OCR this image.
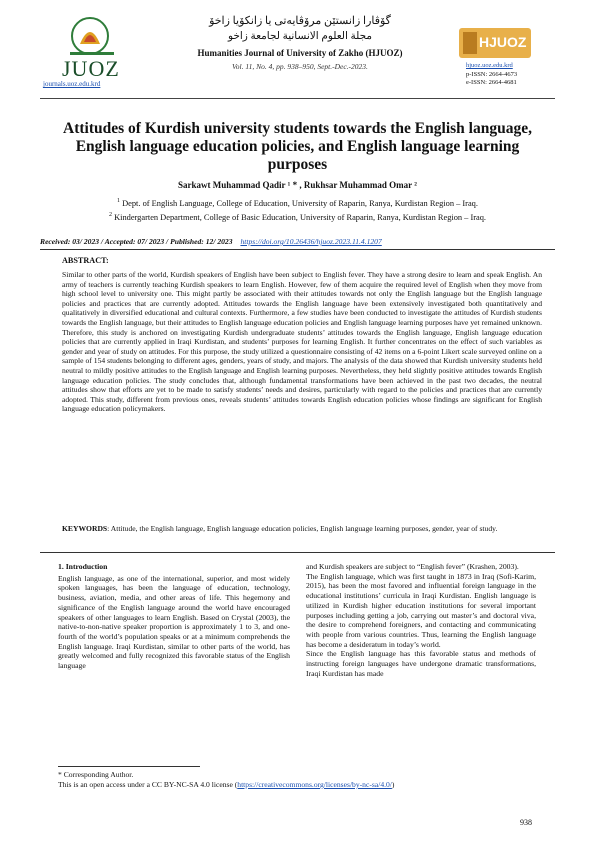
JUOZ
journals.uoz.edu.krd
گۆڤارا زانستێن مرۆڤایەتی یا زانكۆیا زاخۆ
مجلة العلوم الانسانية لجامعة زاخو
Humanities Journal of University of Zakho (HJUOZ)
Vol. 11, No. 4, pp. 938–950, Sept.-Dec.-2023.
HJUOZ
hjuoz.uoz.edu.krd
p-ISSN: 2664-4673
e-ISSN: 2664-4681
Attitudes of Kurdish university students towards the English language, English language education policies, and English language learning purposes
Sarkawt Muhammad Qadir ¹ * , Rukhsar Muhammad Omar ²
$^1$ Dept. of English Language, College of Education, University of Raparin, Ranya, Kurdistan Region – Iraq.
$^2$ Kindergarten Department, College of Basic Education, University of Raparin, Ranya, Kurdistan Region – Iraq.
Received: 03/ 2023 / Accepted: 07/ 2023 / Published: 12/ 2023 https://doi.org/10.26436/hjuoz.2023.11.4.1207
ABSTRACT:
Similar to other parts of the world, Kurdish speakers of English have been subject to English fever. They have a strong desire to learn and speak English. An army of teachers is currently teaching Kurdish speakers to learn English. However, few of them acquire the required level of English when they move from high school level to university one. This might partly be associated with their attitudes towards not only the English language but the English language policies and practices that are currently adopted. Attitudes towards the English language have been extensively investigated both quantitatively and qualitatively in diversified educational and cultural contexts. Furthermore, a few studies have been conducted to investigate the attitudes of Kurdish students towards the English language, but their attitudes to English language education policies and English language learning purposes have yet remained unknown. Therefore, this study is anchored on investigating Kurdish undergraduate students’ attitudes towards the English language, English language education policies that are currently applied in Iraqi Kurdistan, and students’ purposes for learning English. It further concentrates on the effect of such variables as gender and year of study on attitudes. For this purpose, the study utilized a questionnaire consisting of 42 items on a 6-point Likert scale surveyed online on a sample of 154 students belonging to different ages, genders, years of study, and majors. The analysis of the data showed that Kurdish university students held neutral to mildly positive attitudes to the English language and English learning purposes. Nevertheless, they held slightly positive attitudes towards English language education policies. The study concludes that, although fundamental transformations have been achieved in the past two decades, the neutral attitudes show that efforts are yet to be made to satisfy students’ needs and desires, particularly with regard to the policies and practices that are currently adopted. This study, different from previous ones, reveals students’ attitudes towards English education policies whose findings are significant for English language education policymakers.
KEYWORDS: Attitude, the English language, English language education policies, English language learning purposes, gender, year of study.
1. Introduction
English language, as one of the international, superior, and most widely spoken languages, has been the language of education, technology, business, aviation, media, and other areas of life. This hegemony and significance of the English language around the world have encouraged speakers of other languages to learn English. Based on Crystal (2003), the native-to-non-native speaker proportion is approximately 1 to 3, and one-fourth of the world’s population speaks or at a minimum comprehends the English language. Iraqi Kurdistan, similar to other parts of the world, has greatly welcomed and fully recognized this favorable status of the English language
and Kurdish speakers are subject to “English fever” (Krashen, 2003).
The English language, which was first taught in 1873 in Iraq (Sofi-Karim, 2015), has been the most favored and influential foreign language in the educational institutions’ curricula in Iraqi Kurdistan. English language is utilized in Kurdish higher education institutions for several important purposes including getting a job, carrying out master’s and doctoral viva, the desire to comprehend foreigners, and contacting and communicating with people from various countries. Thus, learning the English language has become a desideratum in today’s world.
Since the English language has this favorable status and methods of instructing foreign languages have undergone dramatic transformations, Iraqi Kurdistan has made
* Corresponding Author.
This is an open access under a CC BY-NC-SA 4.0 license (https://creativecommons.org/licenses/by-nc-sa/4.0/)
938
